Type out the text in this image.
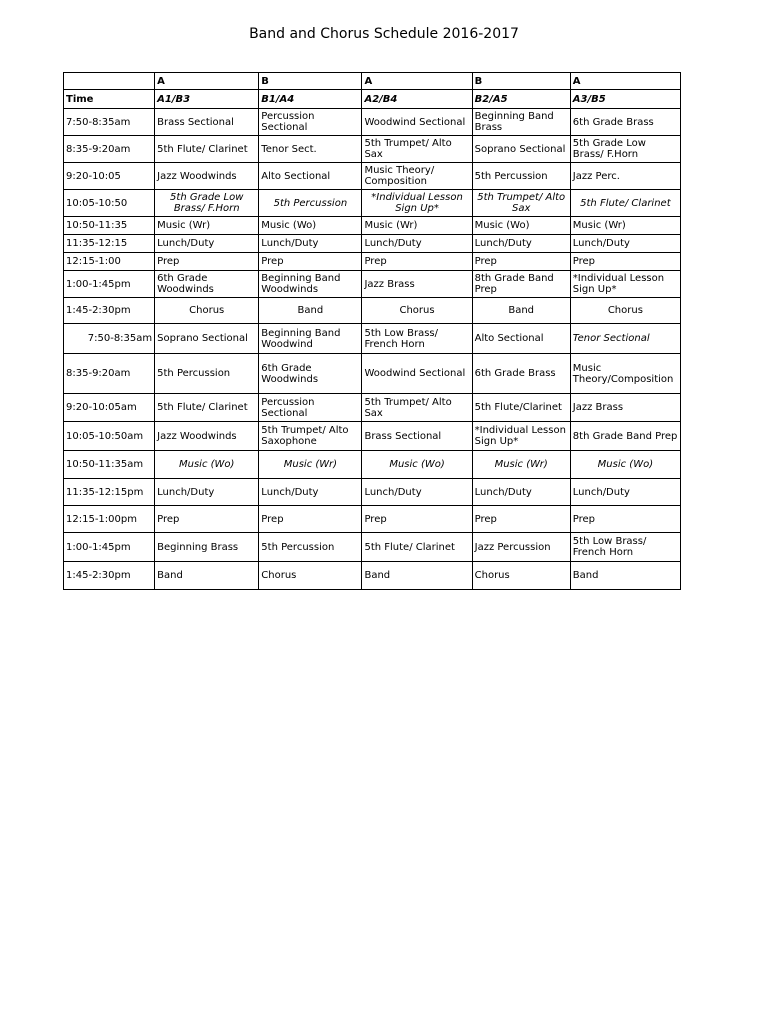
Band and Chorus Schedule 2016-2017
	A	B	A	B	A
Time	A1/B3	B1/A4	A2/B4	B2/A5	A3/B5
7:50-8:35am	Brass Sectional	Percussion Sectional	Woodwind Sectional	Beginning Band Brass	6th Grade Brass
8:35-9:20am	5th Flute/ Clarinet	Tenor Sect.	5th Trumpet/ Alto Sax	Soprano Sectional	5th Grade Low Brass/ F.Horn
9:20-10:05	Jazz Woodwinds	Alto Sectional	Music Theory/ Composition	5th Percussion	Jazz Perc.
10:05-10:50	5th Grade Low Brass/ F.Horn	5th Percussion	*Individual Lesson Sign Up*	5th Trumpet/ Alto Sax	5th Flute/ Clarinet
10:50-11:35	Music (Wr)	Music (Wo)	Music (Wr)	Music (Wo)	Music (Wr)
11:35-12:15	Lunch/Duty	Lunch/Duty	Lunch/Duty	Lunch/Duty	Lunch/Duty
12:15-1:00	Prep	Prep	Prep	Prep	Prep
1:00-1:45pm	6th Grade Woodwinds	Beginning Band Woodwinds	Jazz Brass	8th Grade Band Prep	*Individual Lesson Sign Up*
1:45-2:30pm	Chorus	Band	Chorus	Band	Chorus
7:50-8:35am	Soprano Sectional	Beginning Band Woodwind	5th Low Brass/ French Horn	Alto Sectional	Tenor Sectional
8:35-9:20am	5th Percussion	6th Grade Woodwinds	Woodwind Sectional	6th Grade Brass	Music Theory/Composition
9:20-10:05am	5th Flute/ Clarinet	Percussion Sectional	5th Trumpet/ Alto Sax	5th Flute/Clarinet	Jazz Brass
10:05-10:50am	Jazz Woodwinds	5th Trumpet/ Alto Saxophone	Brass Sectional	*Individual Lesson Sign Up*	8th Grade Band Prep
10:50-11:35am	Music (Wo)	Music (Wr)	Music (Wo)	Music (Wr)	Music (Wo)
11:35-12:15pm	Lunch/Duty	Lunch/Duty	Lunch/Duty	Lunch/Duty	Lunch/Duty
12:15-1:00pm	Prep	Prep	Prep	Prep	Prep
1:00-1:45pm	Beginning Brass	5th Percussion	5th Flute/ Clarinet	Jazz Percussion	5th Low Brass/ French Horn
1:45-2:30pm	Band	Chorus	Band	Chorus	Band
